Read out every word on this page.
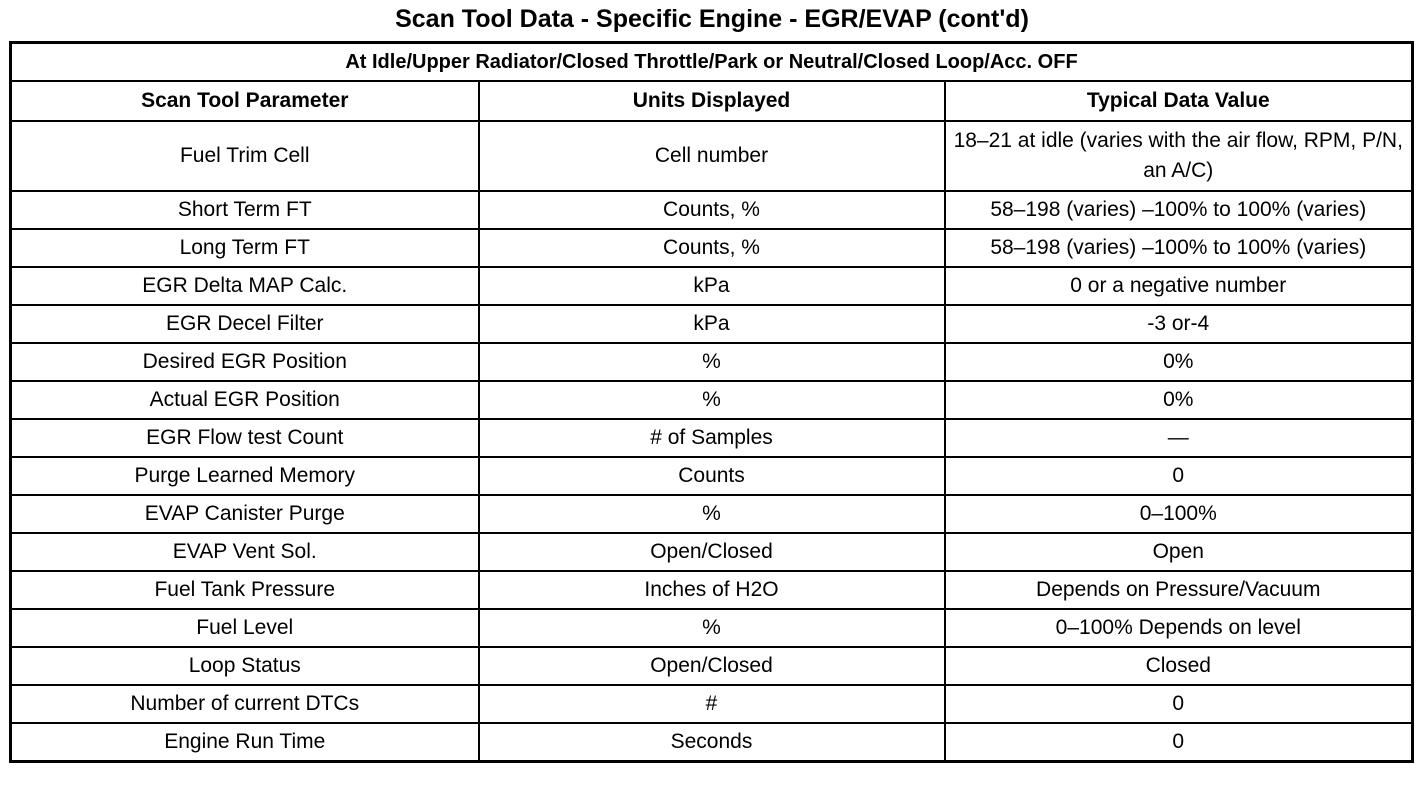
Scan Tool Data - Specific Engine - EGR/EVAP (cont'd)
At Idle/Upper Radiator/Closed Throttle/Park or Neutral/Closed Loop/Acc. OFF		
Scan Tool Parameter	Units Displayed	Typical Data Value
Fuel Trim Cell	Cell number	18–21 at idle (varies with the air flow, RPM, P/N, an A/C)
Short Term FT	Counts, %	58–198 (varies) –100% to 100% (varies)
Long Term FT	Counts, %	58–198 (varies) –100% to 100% (varies)
EGR Delta MAP Calc.	kPa	0 or a negative number
EGR Decel Filter	kPa	-3 or-4
Desired EGR Position	%	0%
Actual EGR Position	%	0%
EGR Flow test Count	# of Samples	—
Purge Learned Memory	Counts	0
EVAP Canister Purge	%	0–100%
EVAP Vent Sol.	Open/Closed	Open
Fuel Tank Pressure	Inches of H2O	Depends on Pressure/Vacuum
Fuel Level	%	0–100% Depends on level
Loop Status	Open/Closed	Closed
Number of current DTCs	#	0
Engine Run Time	Seconds	0
